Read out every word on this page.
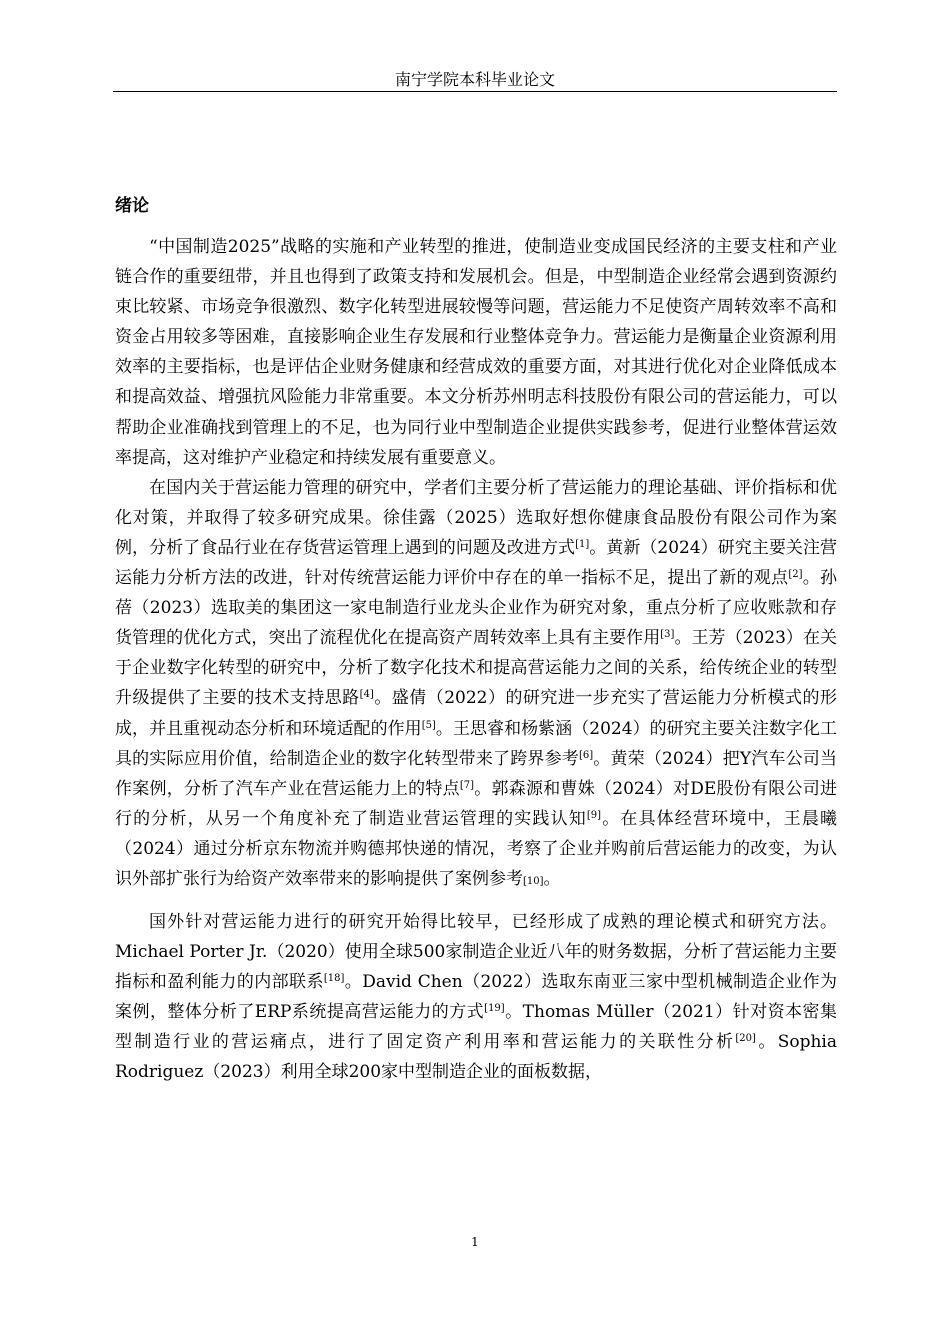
南宁学院本科毕业论文
绪论

“中国制造2025”战略的实施和产业转型的推进，使制造业变成国民经济的主要支柱和产业链合作的重要纽带，并且也得到了政策支持和发展机会。但是，中型制造企业经常会遇到资源约束比较紧、市场竞争很激烈、数字化转型进展较慢等问题，营运能力不足使资产周转效率不高和资金占用较多等困难，直接影响企业生存发展和行业整体竞争力。营运能力是衡量企业资源利用效率的主要指标，也是评估企业财务健康和经营成效的重要方面，对其进行优化对企业降低成本和提高效益、增强抗风险能力非常重要。本文分析苏州明志科技股份有限公司的营运能力，可以帮助企业准确找到管理上的不足，也为同行业中型制造企业提供实践参考，促进行业整体营运效率提高，这对维护产业稳定和持续发展有重要意义。

在国内关于营运能力管理的研究中，学者们主要分析了营运能力的理论基础、评价指标和优化对策，并取得了较多研究成果。徐佳露（2025）选取好想你健康食品股份有限公司作为案例，分析了食品行业在存货营运管理上遇到的问题及改进方式[1]。黄新（2024）研究主要关注营运能力分析方法的改进，针对传统营运能力评价中存在的单一指标不足，提出了新的观点[2]。孙蓓（2023）选取美的集团这一家电制造行业龙头企业作为研究对象，重点分析了应收账款和存货管理的优化方式，突出了流程优化在提高资产周转效率上具有主要作用[3]。王芳（2023）在关于企业数字化转型的研究中，分析了数字化技术和提高营运能力之间的关系，给传统企业的转型升级提供了主要的技术支持思路[4]。盛倩（2022）的研究进一步充实了营运能力分析模式的形成，并且重视动态分析和环境适配的作用[5]。王思睿和杨紫涵（2024）的研究主要关注数字化工具的实际应用价值，给制造企业的数字化转型带来了跨界参考[6]。黄荣（2024）把Y汽车公司当作案例，分析了汽车产业在营运能力上的特点[7]。郭森源和曹姝（2024）对DE股份有限公司进行的分析，从另一个角度补充了制造业营运管理的实践认知[9]。在具体经营环境中，王晨曦（2024）通过分析京东物流并购德邦快递的情况，考察了企业并购前后营运能力的改变，为认识外部扩张行为给资产效率带来的影响提供了案例参考[10]。

国外针对营运能力进行的研究开始得比较早，已经形成了成熟的理论模式和研究方法。Michael Porter Jr.（2020）使用全球500家制造企业近八年的财务数据，分析了营运能力主要指标和盈利能力的内部联系[18]。David Chen（2022）选取东南亚三家中型机械制造企业作为案例，整体分析了ERP系统提高营运能力的方式[19]。Thomas Müller（2021）针对资本密集型制造行业的营运痛点，进行了固定资产利用率和营运能力的关联性分析[20]。Sophia Rodriguez（2023）利用全球200家中型制造企业的面板数据，

1
